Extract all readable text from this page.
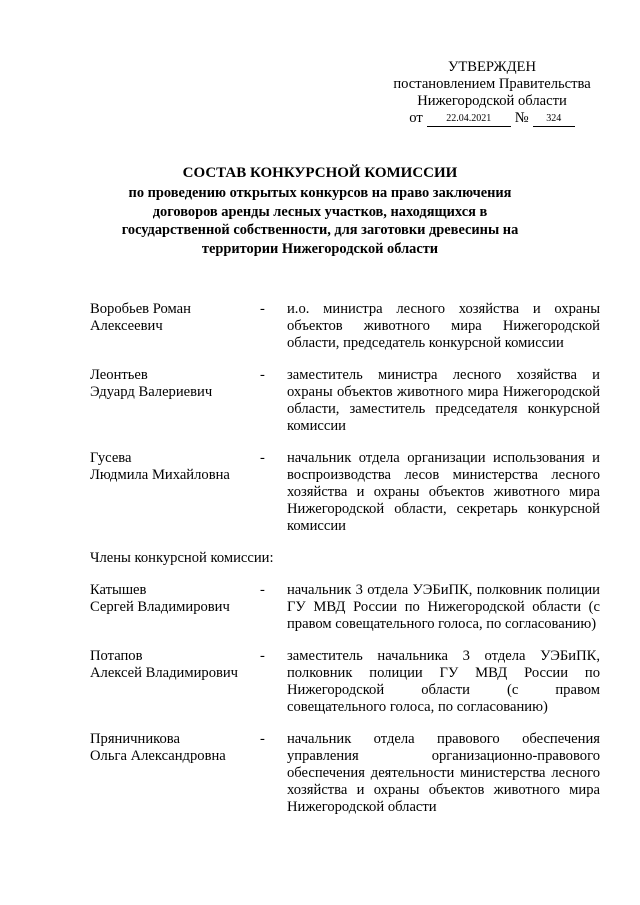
УТВЕРЖДЕН
постановлением Правительства
Нижегородской области
от	22.04.2021	№	324
СОСТАВ КОНКУРСНОЙ КОМИССИИ
по проведению открытых конкурсов на право заключения
договоров аренды лесных участков, находящихся в
государственной собственности, для заготовки древесины на
территории Нижегородской области
Воробьев Роман
Алексеевич
-	и.о. министра лесного хозяйства и охраны объектов животного мира Нижегородской области, председатель конкурсной комиссии
Леонтьев
Эдуард Валериевич
-	заместитель министра лесного хозяйства и охраны объектов животного мира Нижегородской области, заместитель председателя конкурсной комиссии
Гусева
Людмила Михайловна
-	начальник отдела организации использования и воспроизводства лесов министерства лесного хозяйства и охраны объектов животного мира Нижегородской области, секретарь конкурсной комиссии
Члены конкурсной комиссии:
Катышев
Сергей Владимирович
-	начальник 3 отдела УЭБиПК, полковник полиции ГУ МВД России по Нижегородской области (с правом совещательного голоса, по согласованию)
Потапов
Алексей Владимирович
-	заместитель начальника 3 отдела УЭБиПК, полковник полиции ГУ МВД России по Нижегородской области (с правом совещательного голоса, по согласованию)
Пряничникова
Ольга Александровна
-	начальник отдела правового обеспечения управления организационно-правового обеспечения деятельности министерства лесного хозяйства и охраны объектов животного мира Нижегородской области
